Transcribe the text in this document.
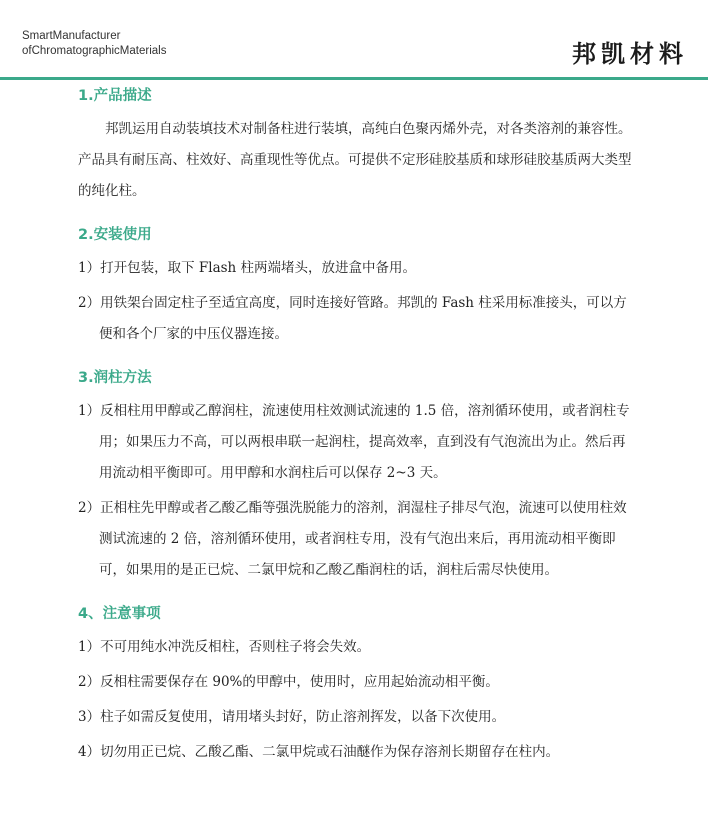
SmartManufacturer
ofChromatographicMaterials	邦凯材料
1.产品描述

邦凯运用自动装填技术对制备柱进行装填，高纯白色聚丙烯外壳，对各类溶剂的兼容性。产品具有耐压高、柱效好、高重现性等优点。可提供不定形硅胶基质和球形硅胶基质两大类型的纯化柱。

2.安装使用
1）打开包装，取下 Flash 柱两端堵头，放进盒中备用。
2）用铁架台固定柱子至适宜高度，同时连接好管路。邦凯的 Fash 柱采用标准接头，可以方便和各个厂家的中压仪器连接。
3.润柱方法
1）反相柱用甲醇或乙醇润柱，流速使用柱效测试流速的 1.5 倍，溶剂循环使用，或者润柱专用；如果压力不高，可以两根串联一起润柱，提高效率，直到没有气泡流出为止。然后再用流动相平衡即可。用甲醇和水润柱后可以保存 2~3 天。
2）正相柱先甲醇或者乙酸乙酯等强洗脱能力的溶剂，润湿柱子排尽气泡，流速可以使用柱效测试流速的 2 倍，溶剂循环使用，或者润柱专用，没有气泡出来后，再用流动相平衡即可，如果用的是正已烷、二氯甲烷和乙酸乙酯润柱的话，润柱后需尽快使用。
4、注意事项
1）不可用纯水冲洗反相柱，否则柱子将会失效。
2）反相柱需要保存在 90%的甲醇中，使用时，应用起始流动相平衡。
3）柱子如需反复使用，请用堵头封好，防止溶剂挥发，以备下次使用。
4）切勿用正已烷、乙酸乙酯、二氯甲烷或石油醚作为保存溶剂长期留存在柱内。
